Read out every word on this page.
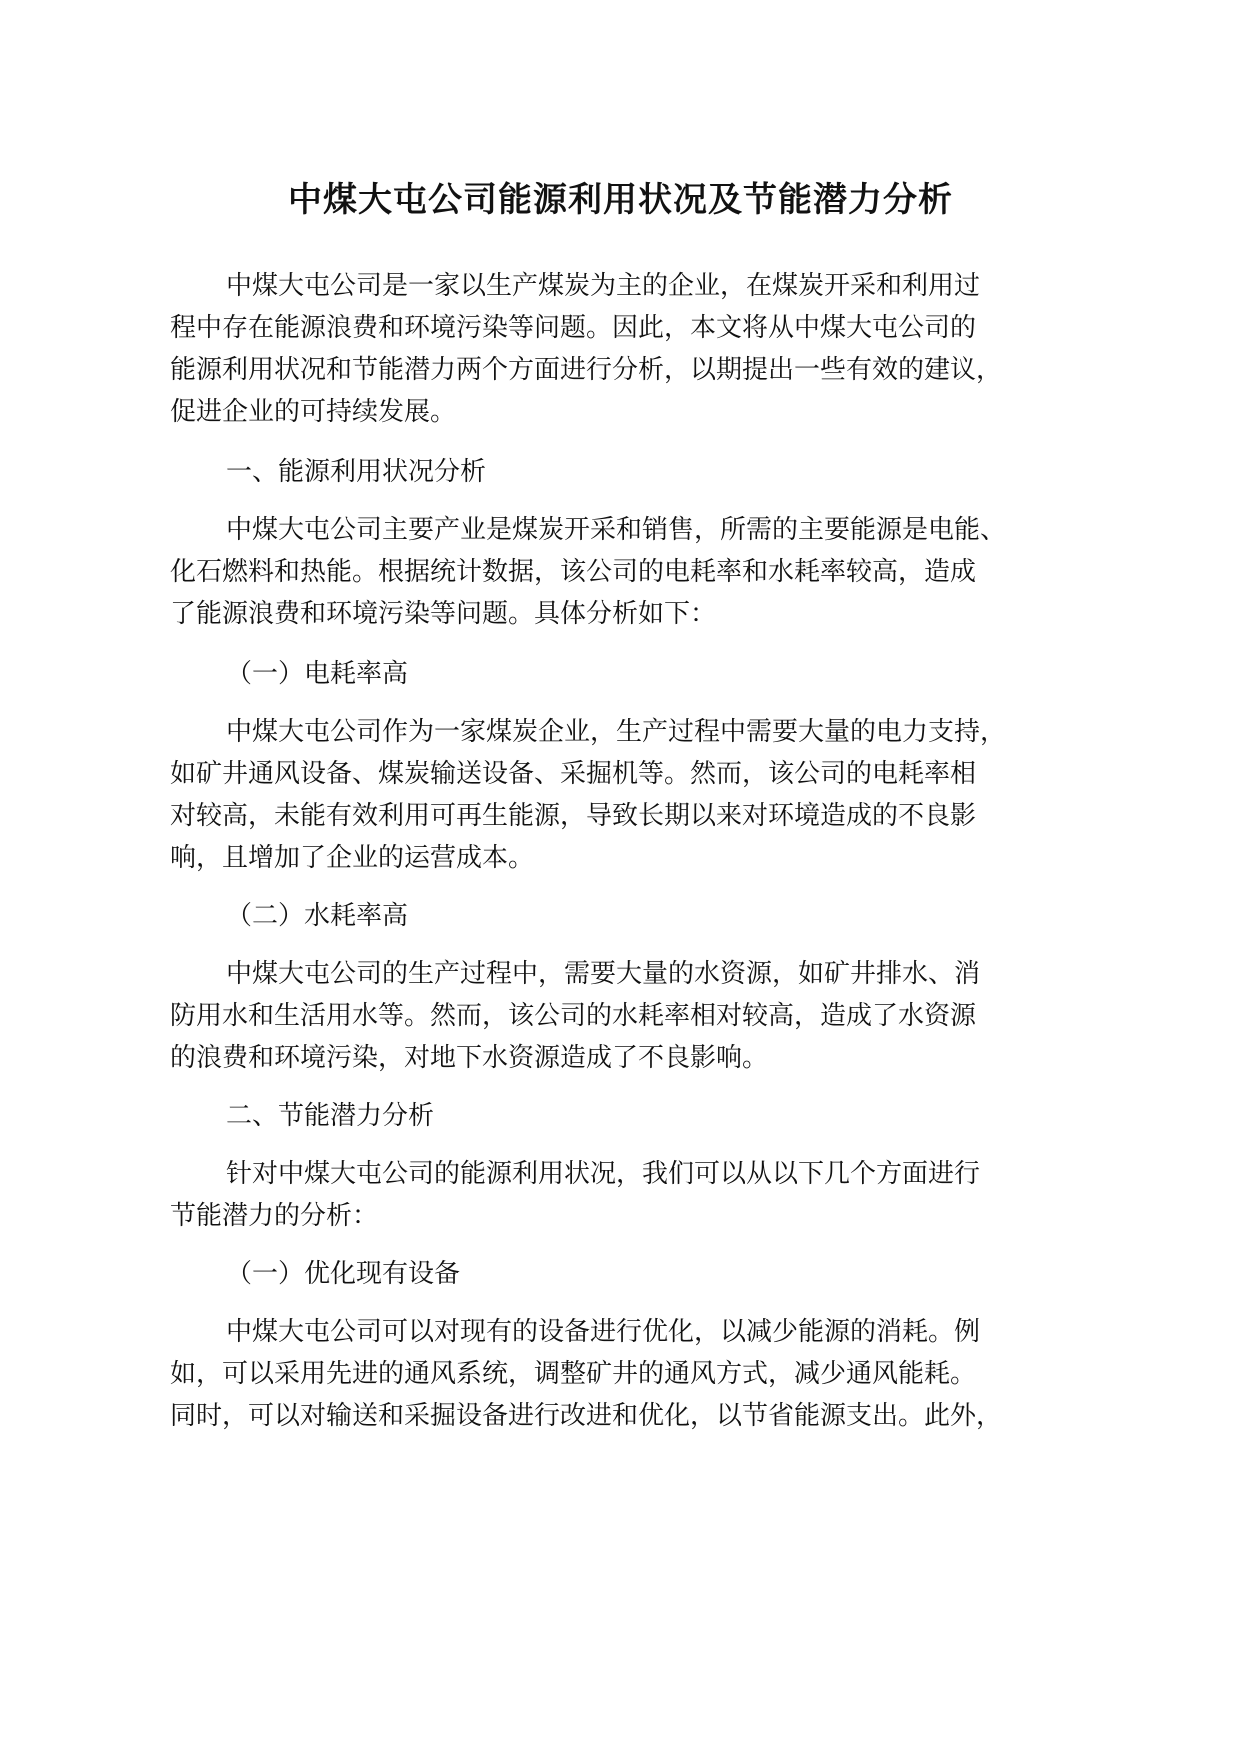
中煤大屯公司能源利用状况及节能潜力分析
中煤大屯公司是一家以生产煤炭为主的企业，在煤炭开采和利用过
程中存在能源浪费和环境污染等问题。因此，本文将从中煤大屯公司的
能源利用状况和节能潜力两个方面进行分析，以期提出一些有效的建议，
促进企业的可持续发展。
一、能源利用状况分析
中煤大屯公司主要产业是煤炭开采和销售，所需的主要能源是电能、
化石燃料和热能。根据统计数据，该公司的电耗率和水耗率较高，造成
了能源浪费和环境污染等问题。具体分析如下：
（一）电耗率高
中煤大屯公司作为一家煤炭企业，生产过程中需要大量的电力支持，
如矿井通风设备、煤炭输送设备、采掘机等。然而，该公司的电耗率相
对较高，未能有效利用可再生能源，导致长期以来对环境造成的不良影
响，且增加了企业的运营成本。
（二）水耗率高
中煤大屯公司的生产过程中，需要大量的水资源，如矿井排水、消
防用水和生活用水等。然而，该公司的水耗率相对较高，造成了水资源
的浪费和环境污染，对地下水资源造成了不良影响。
二、节能潜力分析
针对中煤大屯公司的能源利用状况，我们可以从以下几个方面进行
节能潜力的分析：
（一）优化现有设备
中煤大屯公司可以对现有的设备进行优化，以减少能源的消耗。例
如，可以采用先进的通风系统，调整矿井的通风方式，减少通风能耗。
同时，可以对输送和采掘设备进行改进和优化，以节省能源支出。此外，
